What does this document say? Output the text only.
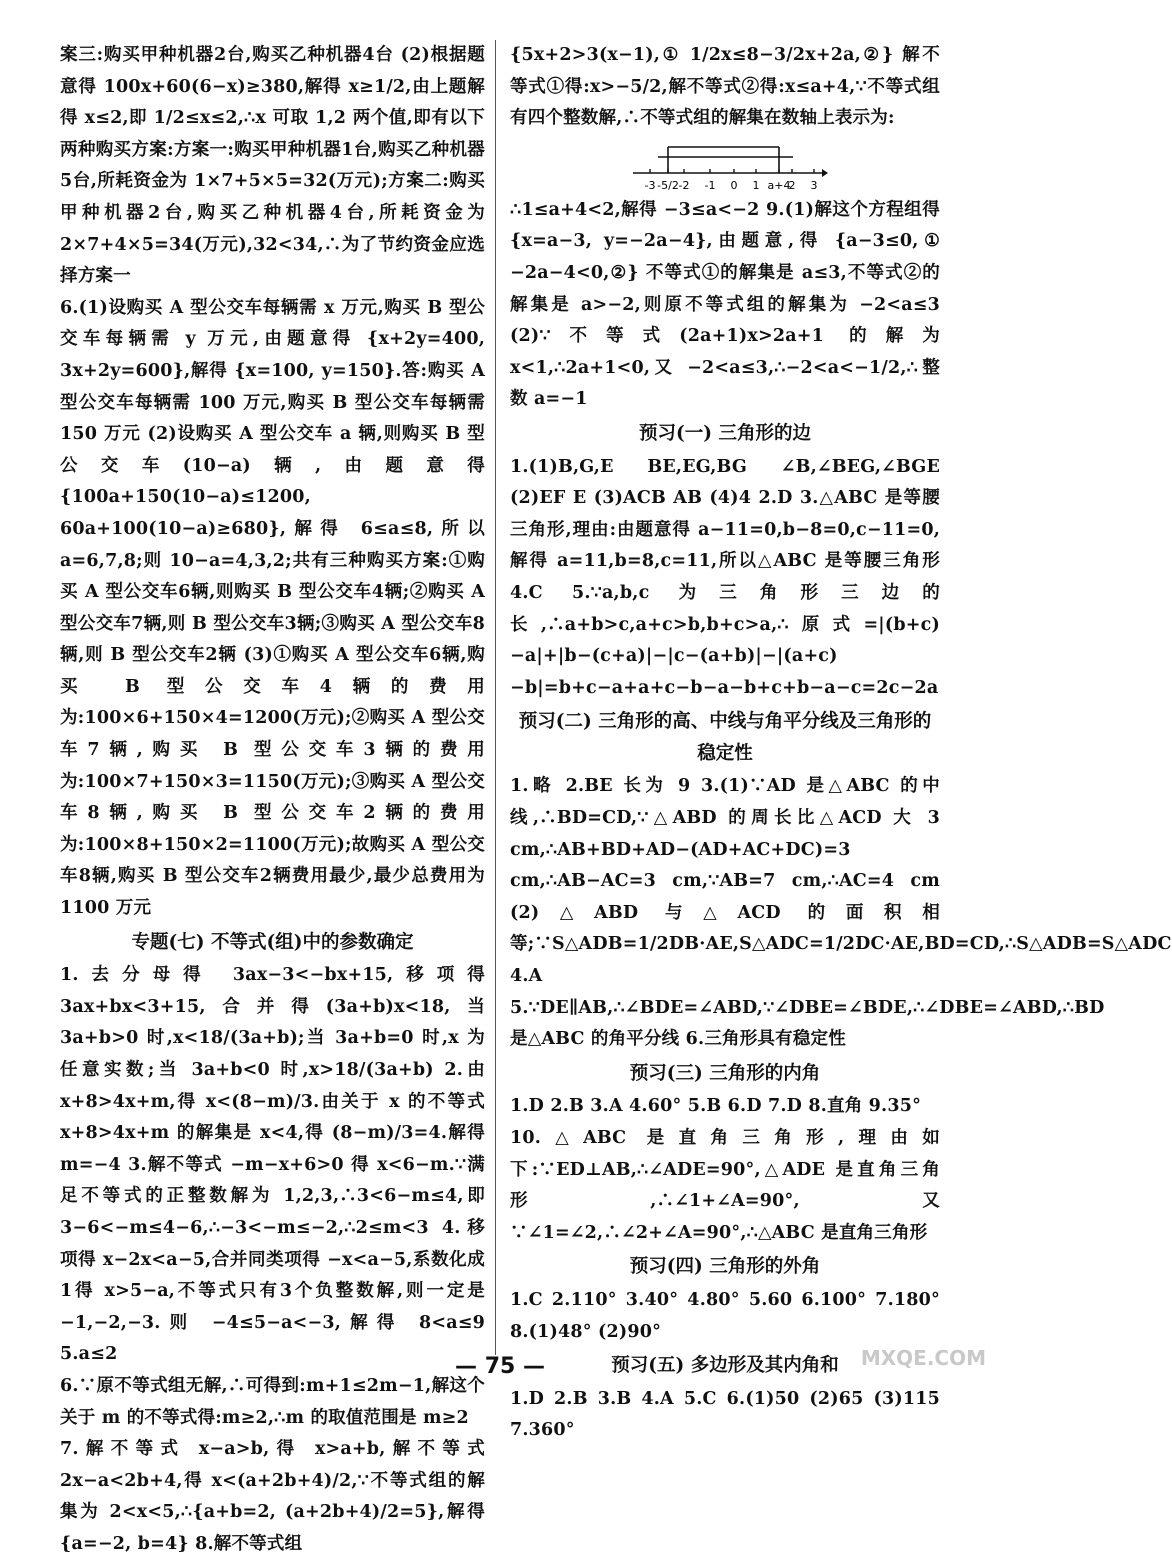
案三:购买甲种机器2台,购买乙种机器4台 (2)根据题意得 100x+60(6−x)≥380,解得 x≥1/2,由上题解得 x≤2,即 1/2≤x≤2,∴x 可取 1,2 两个值,即有以下两种购买方案:方案一:购买甲种机器1台,购买乙种机器5台,所耗资金为 1×7+5×5=32(万元);方案二:购买甲种机器2台,购买乙种机器4台,所耗资金为 2×7+4×5=34(万元),32<34,∴为了节约资金应选择方案一

6.(1)设购买 A 型公交车每辆需 x 万元,购买 B 型公交车每辆需 y 万元,由题意得 {x+2y=400, 3x+2y=600},解得 {x=100, y=150}.答:购买 A 型公交车每辆需 100 万元,购买 B 型公交车每辆需 150 万元 (2)设购买 A 型公交车 a 辆,则购买 B 型公交车(10−a)辆,由题意得 {100a+150(10−a)≤1200, 60a+100(10−a)≥680},解得 6≤a≤8,所以 a=6,7,8;则 10−a=4,3,2;共有三种购买方案:①购买 A 型公交车6辆,则购买 B 型公交车4辆;②购买 A 型公交车7辆,则 B 型公交车3辆;③购买 A 型公交车8辆,则 B 型公交车2辆 (3)①购买 A 型公交车6辆,购买 B 型公交车4辆的费用为:100×6+150×4=1200(万元);②购买 A 型公交车7辆,购买 B 型公交车3辆的费用为:100×7+150×3=1150(万元);③购买 A 型公交车8辆,购买 B 型公交车2辆的费用为:100×8+150×2=1100(万元);故购买 A 型公交车8辆,购买 B 型公交车2辆费用最少,最少总费用为 1100 万元

专题(七) 不等式(组)中的参数确定

1.去分母得 3ax−3<−bx+15,移项得 3ax+bx<3+15,合并得(3a+b)x<18,当 3a+b>0 时,x<18/(3a+b);当 3a+b=0 时,x 为任意实数;当 3a+b<0 时,x>18/(3a+b) 2.由 x+8>4x+m,得 x<(8−m)/3.由关于 x 的不等式 x+8>4x+m 的解集是 x<4,得 (8−m)/3=4.解得 m=−4 3.解不等式 −m−x+6>0 得 x<6−m.∵满足不等式的正整数解为 1,2,3,∴3<6−m≤4,即 3−6<−m≤4−6,∴−3<−m≤−2,∴2≤m<3 4.移项得 x−2x<a−5,合并同类项得 −x<a−5,系数化成1得 x>5−a,不等式只有3个负整数解,则一定是 −1,−2,−3.则 −4≤5−a<−3,解得 8<a≤9 5.a≤2

6.∵原不等式组无解,∴可得到:m+1≤2m−1,解这个关于 m 的不等式得:m≥2,∴m 的取值范围是 m≥2

7.解不等式 x−a>b,得 x>a+b,解不等式 2x−a<2b+4,得 x<(a+2b+4)/2,∵不等式组的解集为 2<x<5,∴{a+b=2, (a+2b+4)/2=5},解得 {a=−2, b=4} 8.解不等式组

{5x+2>3(x−1),① 1/2x≤8−3/2x+2a,②} 解不等式①得:x>−5/2,解不等式②得:x≤a+4,∵不等式组有四个整数解,∴不等式组的解集在数轴上表示为:

-3 -5/2 -2 -1 0 1 a+4
2 3

∴1≤a+4<2,解得 −3≤a<−2 9.(1)解这个方程组得 {x=a−3, y=−2a−4},由题意,得 {a−3≤0,① −2a−4<0,②} 不等式①的解集是 a≤3,不等式②的解集是 a>−2,则原不等式组的解集为 −2<a≤3 (2)∵不等式(2a+1)x>2a+1 的解为 x<1,∴2a+1<0,又 −2<a≤3,∴−2<a<−1/2,∴整数 a=−1

预习(一) 三角形的边

1.(1)B,G,E BE,EG,BG ∠B,∠BEG,∠BGE (2)EF E (3)ACB AB (4)4 2.D 3.△ABC 是等腰三角形,理由:由题意得 a−11=0,b−8=0,c−11=0,解得 a=11,b=8,c=11,所以△ABC 是等腰三角形 4.C 5.∵a,b,c 为三角形三边的长,∴a+b>c,a+c>b,b+c>a,∴原式=|(b+c)−a|+|b−(c+a)|−|c−(a+b)|−|(a+c)−b|=b+c−a+a+c−b−a−b+c+b−a−c=2c−2a

预习(二) 三角形的高、中线与角平分线及三角形的稳定性

1.略 2.BE 长为 9 3.(1)∵AD 是△ABC 的中线,∴BD=CD,∵△ABD 的周长比△ACD 大 3 cm,∴AB+BD+AD−(AD+AC+DC)=3 cm,∴AB−AC=3 cm,∵AB=7 cm,∴AC=4 cm (2)△ABD 与△ACD 的面积相等;∵S△ADB=1/2DB·AE,S△ADC=1/2DC·AE,BD=CD,∴S△ADB=S△ADC 4.A

5.∵DE∥AB,∴∠BDE=∠ABD,∵∠DBE=∠BDE,∴∠DBE=∠ABD,∴BD 是△ABC 的角平分线 6.三角形具有稳定性

预习(三) 三角形的内角

1.D 2.B 3.A 4.60° 5.B 6.D 7.D 8.直角 9.35°

10.△ABC 是直角三角形,理由如下:∵ED⊥AB,∴∠ADE=90°,△ADE 是直角三角形,∴∠1+∠A=90°,又∵∠1=∠2,∴∠2+∠A=90°,∴△ABC 是直角三角形

预习(四) 三角形的外角

1.C 2.110° 3.40° 4.80° 5.60 6.100° 7.180° 8.(1)48° (2)90°

预习(五) 多边形及其内角和

1.D 2.B 3.B 4.A 5.C 6.(1)50 (2)65 (3)115 7.360°

— 75 —	MXQE.COM
